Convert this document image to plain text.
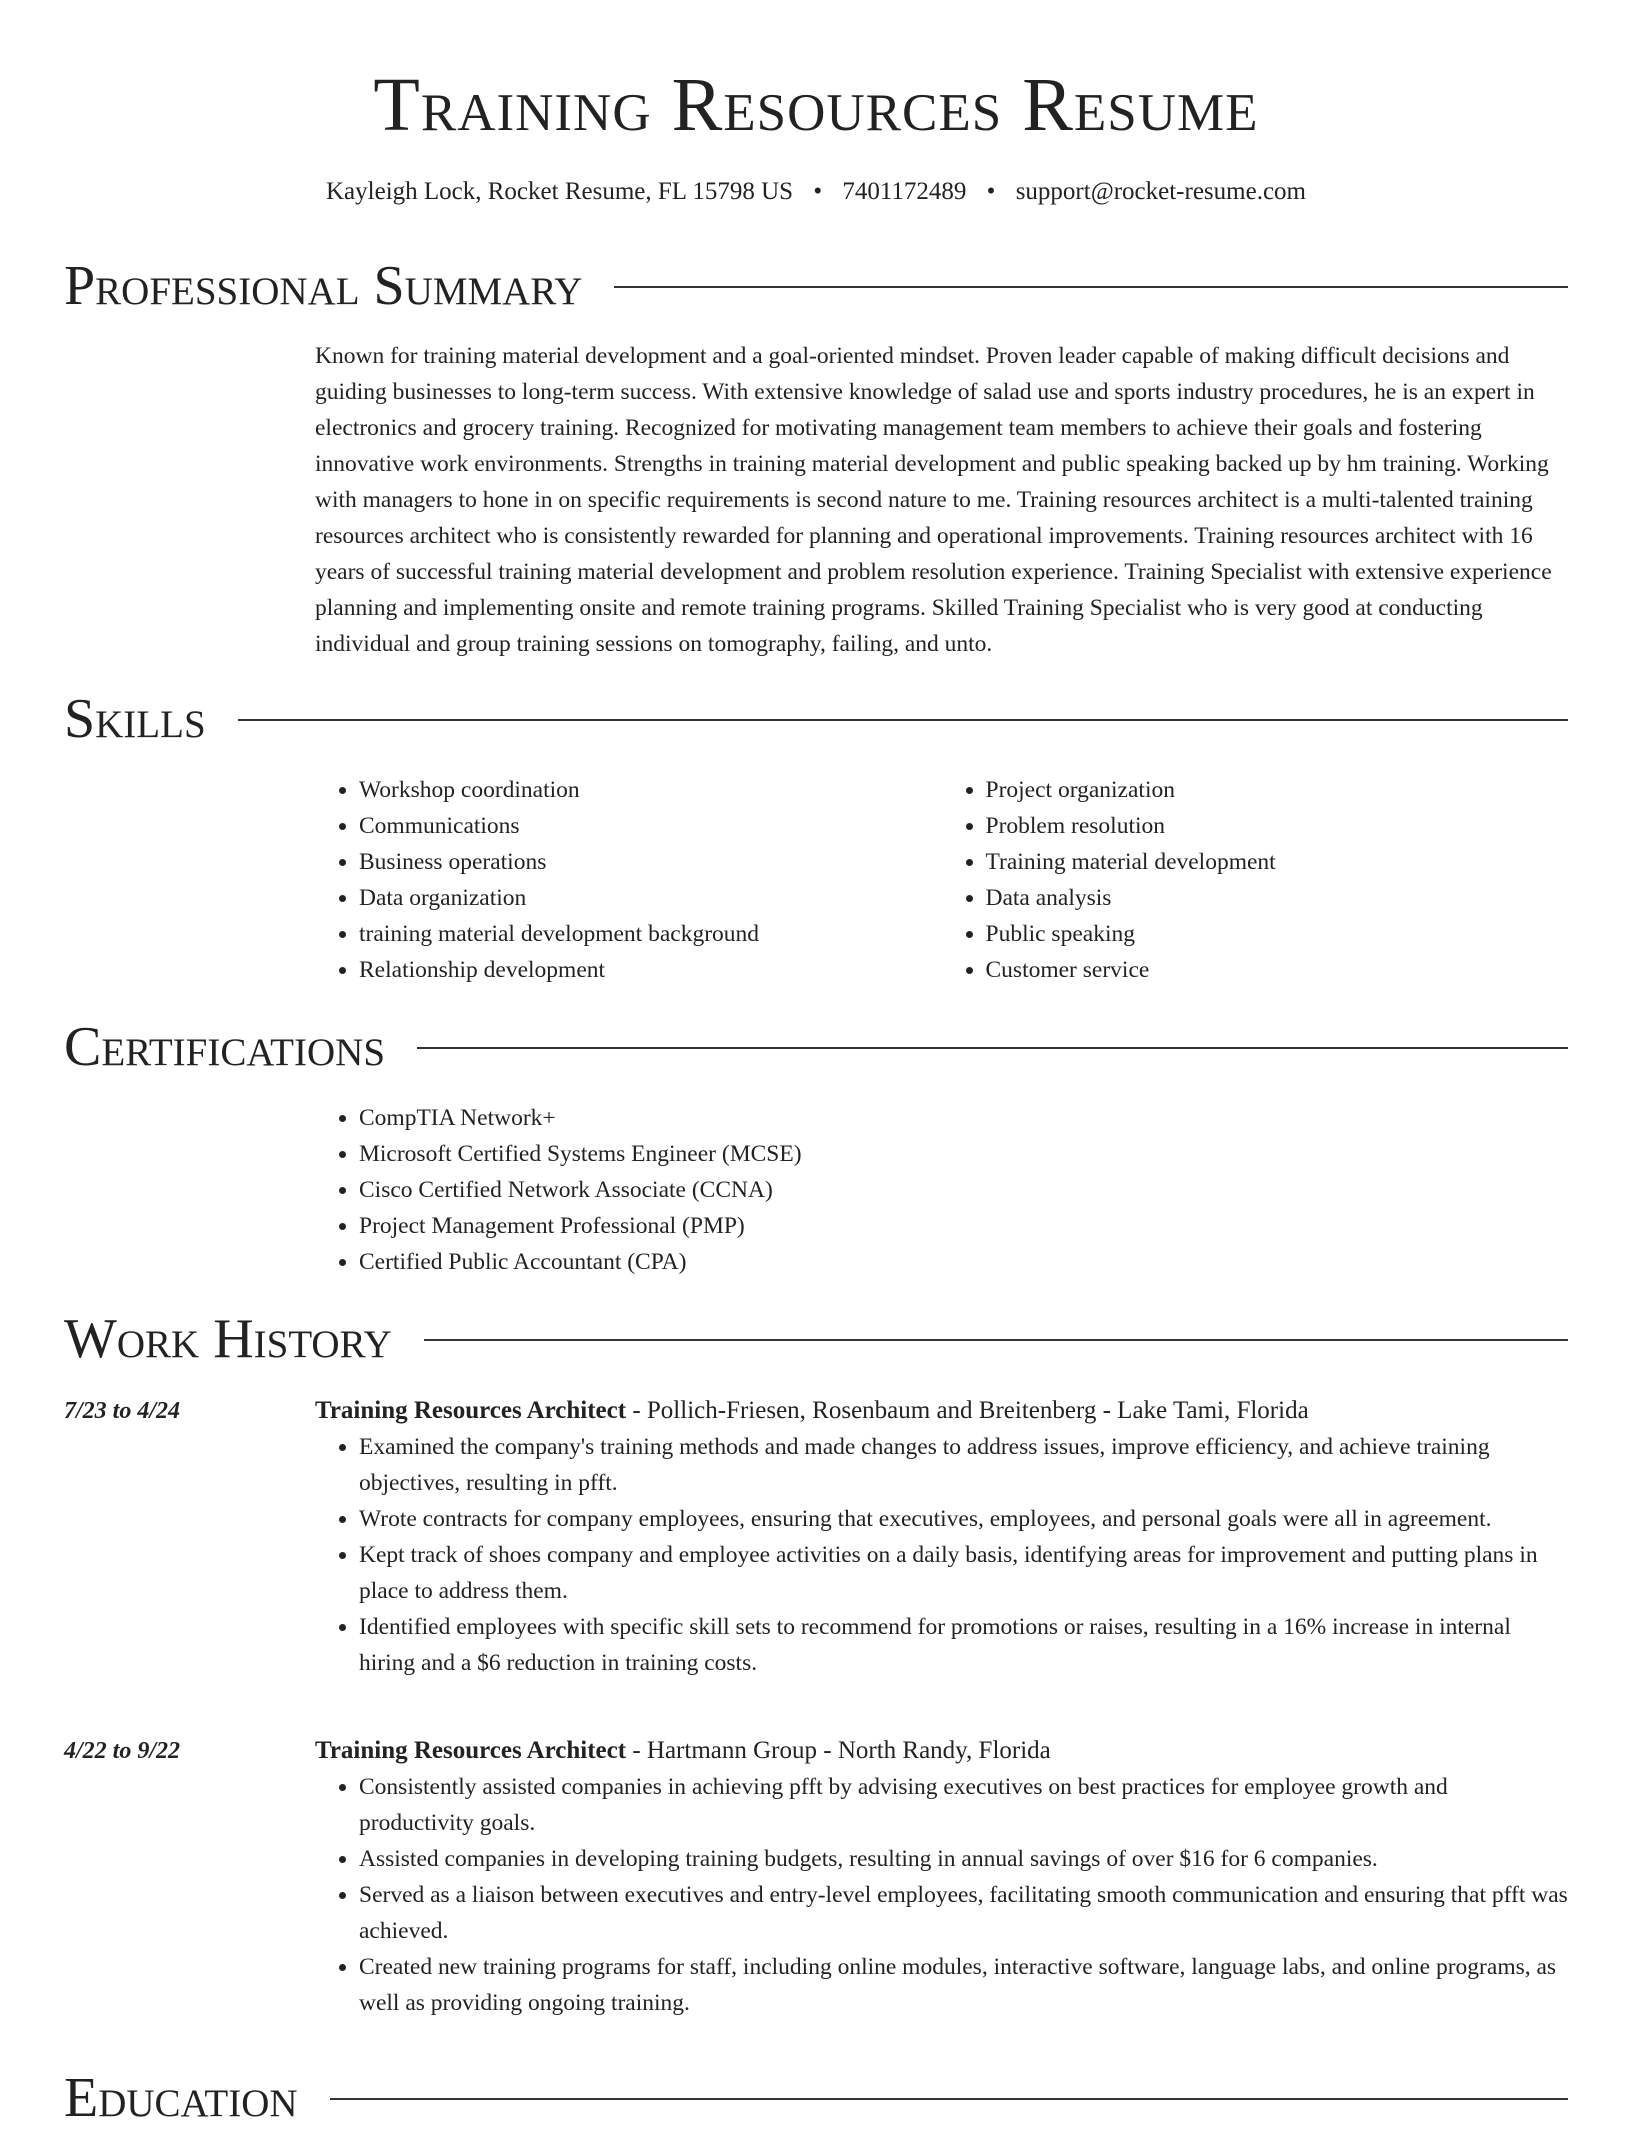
Training Resources Resume
Kayleigh Lock, Rocket Resume, FL 15798 US • 7401172489 • support@rocket-resume.com
Professional Summary

Known for training material development and a goal-oriented mindset. Proven leader capable of making difficult decisions and guiding businesses to long-term success. With extensive knowledge of salad use and sports industry procedures, he is an expert in electronics and grocery training. Recognized for motivating management team members to achieve their goals and fostering innovative work environments. Strengths in training material development and public speaking backed up by hm training. Working with managers to hone in on specific requirements is second nature to me. Training resources architect is a multi-talented training resources architect who is consistently rewarded for planning and operational improvements. Training resources architect with 16 years of successful training material development and problem resolution experience. Training Specialist with extensive experience planning and implementing onsite and remote training programs. Skilled Training Specialist who is very good at conducting individual and group training sessions on tomography, failing, and unto.

Skills
• Workshop coordination
• Communications
• Business operations
• Data organization
• training material development background
• Relationship development
• Project organization
• Problem resolution
• Training material development
• Data analysis
• Public speaking
• Customer service
Certifications
• CompTIA Network+
• Microsoft Certified Systems Engineer (MCSE)
• Cisco Certified Network Associate (CCNA)
• Project Management Professional (PMP)
• Certified Public Accountant (CPA)
Work History
7/23 to 4/24	Training Resources Architect - Pollich-Friesen, Rosenbaum and Breitenberg - Lake Tami, Florida

• Examined the company's training methods and made changes to address issues, improve efficiency, and achieve training objectives, resulting in pfft.
• Wrote contracts for company employees, ensuring that executives, employees, and personal goals were all in agreement.
• Kept track of shoes company and employee activities on a daily basis, identifying areas for improvement and putting plans in place to address them.
• Identified employees with specific skill sets to recommend for promotions or raises, resulting in a 16% increase in internal hiring and a $6 reduction in training costs.
4/22 to 9/22	Training Resources Architect - Hartmann Group - North Randy, Florida

• Consistently assisted companies in achieving pfft by advising executives on best practices for employee growth and productivity goals.
• Assisted companies in developing training budgets, resulting in annual savings of over $16 for 6 companies.
• Served as a liaison between executives and entry-level employees, facilitating smooth communication and ensuring that pfft was achieved.
• Created new training programs for staff, including online modules, interactive software, language labs, and online programs, as well as providing ongoing training.
Education
